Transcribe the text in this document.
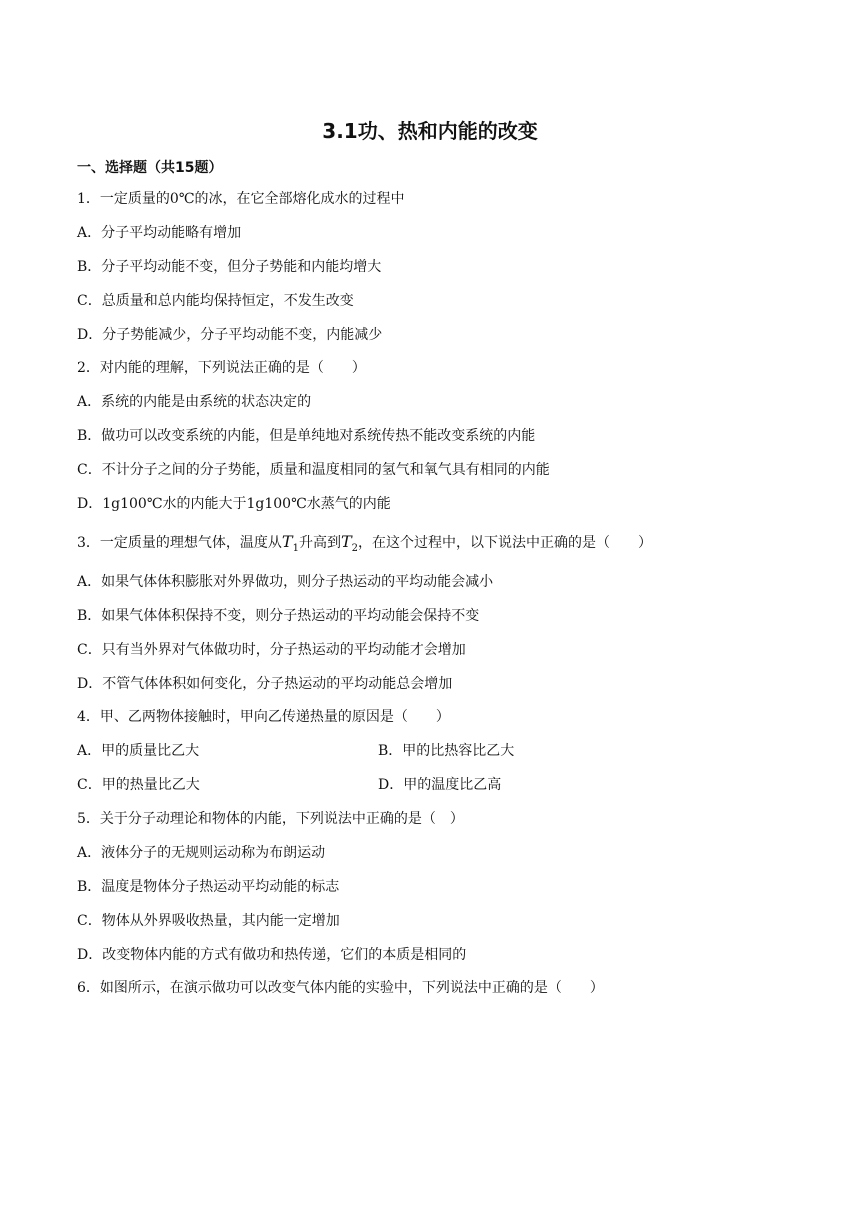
3.1功、热和内能的改变
一、选择题（共15题）
1．一定质量的0℃的冰，在它全部熔化成水的过程中
A．分子平均动能略有增加
B．分子平均动能不变，但分子势能和内能均增大
C．总质量和总内能均保持恒定，不发生改变
D．分子势能减少，分子平均动能不变，内能减少
2．对内能的理解，下列说法正确的是（　　）
A．系统的内能是由系统的状态决定的
B．做功可以改变系统的内能，但是单纯地对系统传热不能改变系统的内能
C．不计分子之间的分子势能，质量和温度相同的氢气和氧气具有相同的内能
D．1g100℃水的内能大于1g100℃水蒸气的内能
3．一定质量的理想气体，温度从$T_1$升高到$T_2$，在这个过程中，以下说法中正确的是（　　）
A．如果气体体积膨胀对外界做功，则分子热运动的平均动能会减小
B．如果气体体积保持不变，则分子热运动的平均动能会保持不变
C．只有当外界对气体做功时，分子热运动的平均动能才会增加
D．不管气体体积如何变化，分子热运动的平均动能总会增加
4．甲、乙两物体接触时，甲向乙传递热量的原因是（　　）
A．甲的质量比乙大	B．甲的比热容比乙大
C．甲的热量比乙大	D．甲的温度比乙高
5．关于分子动理论和物体的内能，下列说法中正确的是（　）
A．液体分子的无规则运动称为布朗运动
B．温度是物体分子热运动平均动能的标志
C．物体从外界吸收热量，其内能一定增加
D．改变物体内能的方式有做功和热传递，它们的本质是相同的
6．如图所示，在演示做功可以改变气体内能的实验中，下列说法中正确的是（　　）
